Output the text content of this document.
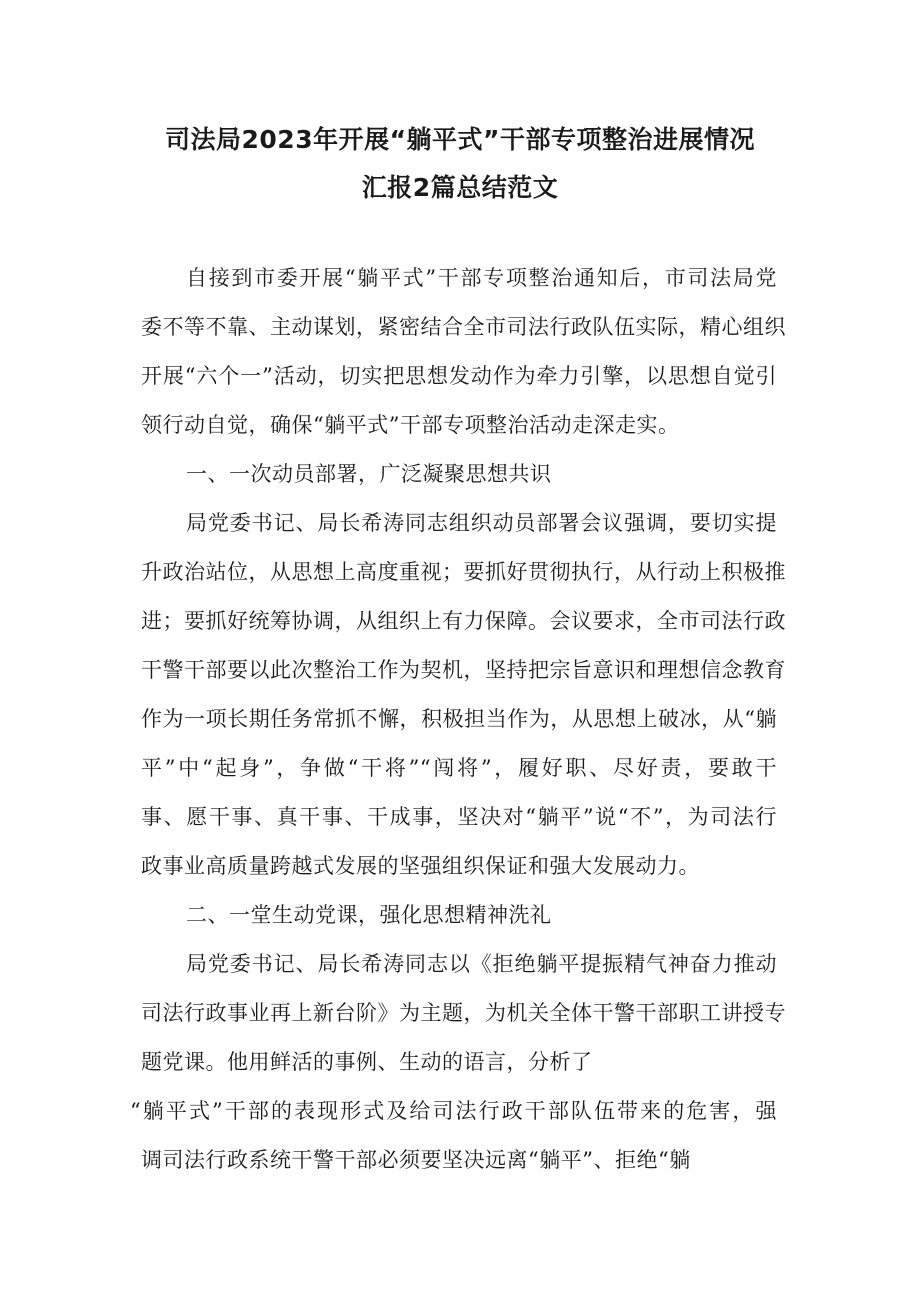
司法局2023年开展“躺平式”干部专项整治进展情况
汇报2篇总结范文
自接到市委开展“躺平式”干部专项整治通知后，市司法局党
委不等不靠、主动谋划，紧密结合全市司法行政队伍实际，精心组织
开展“六个一”活动，切实把思想发动作为牵力引擎，以思想自觉引
领行动自觉，确保“躺平式”干部专项整治活动走深走实。
一、一次动员部署，广泛凝聚思想共识
局党委书记、局长希涛同志组织动员部署会议强调，要切实提
升政治站位，从思想上高度重视；要抓好贯彻执行，从行动上积极推
进；要抓好统筹协调，从组织上有力保障。会议要求，全市司法行政
干警干部要以此次整治工作为契机，坚持把宗旨意识和理想信念教育
作为一项长期任务常抓不懈，积极担当作为，从思想上破冰，从“躺
平”中“起身”，争做“干将”“闯将”，履好职、尽好责，要敢干
事、愿干事、真干事、干成事，坚决对“躺平”说“不”，为司法行
政事业高质量跨越式发展的坚强组织保证和强大发展动力。
二、一堂生动党课，强化思想精神洗礼
局党委书记、局长希涛同志以《拒绝躺平提振精气神奋力推动
司法行政事业再上新台阶》为主题，为机关全体干警干部职工讲授专
题党课。他用鲜活的事例、生动的语言，分析了
“躺平式”干部的表现形式及给司法行政干部队伍带来的危害，强
调司法行政系统干警干部必须要坚决远离“躺平”、拒绝“躺
